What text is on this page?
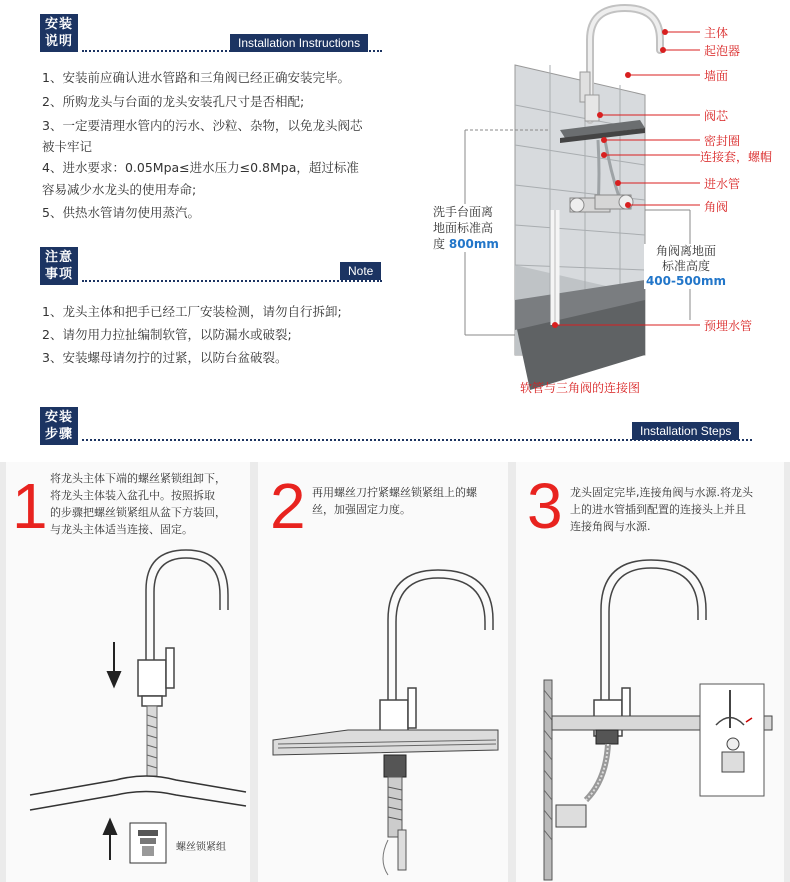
安装
说明	Installation Instructions
1、安装前应确认进水管路和三角阀已经正确安装完毕。
2、所购龙头与台面的龙头安装孔尺寸是否相配;
3、一定要清理水管内的污水、沙粒、杂物，以免龙头阀芯
被卡牢记
4、进水要求：0.05Mpa≤进水压力≤0.8Mpa，超过标准
容易减少水龙头的使用寿命;
5、供热水管请勿使用蒸汽。
注意
事项	Note
1、龙头主体和把手已经工厂安装检测，请勿自行拆卸;
2、请勿用力拉扯编制软管，以防漏水或破裂;
3、安装螺母请勿拧的过紧，以防台盆破裂。
主体
起泡器
墙面
阀芯
密封圈
连接套，螺帽
进水管
角阀
预埋水管
洗手台面离
地面标准高
度 800mm	角阀离地面
标准高度
400-500mm
软管与三角阀的连接图
安装
步骤	Installation Steps
1 将龙头主体下端的螺丝紧锁组卸下，
将龙头主体装入盆孔中。按照拆取
的步骤把螺丝锁紧组从盆下方装回，
与龙头主体适当连接、固定。	2 再用螺丝刀拧紧螺丝锁紧组上的螺
丝，加强固定力度。	3 龙头固定完毕,连接角阀与水源.将龙头
上的进水管插到配置的连接头上并且
连接角阀与水源.
螺丝锁紧组
